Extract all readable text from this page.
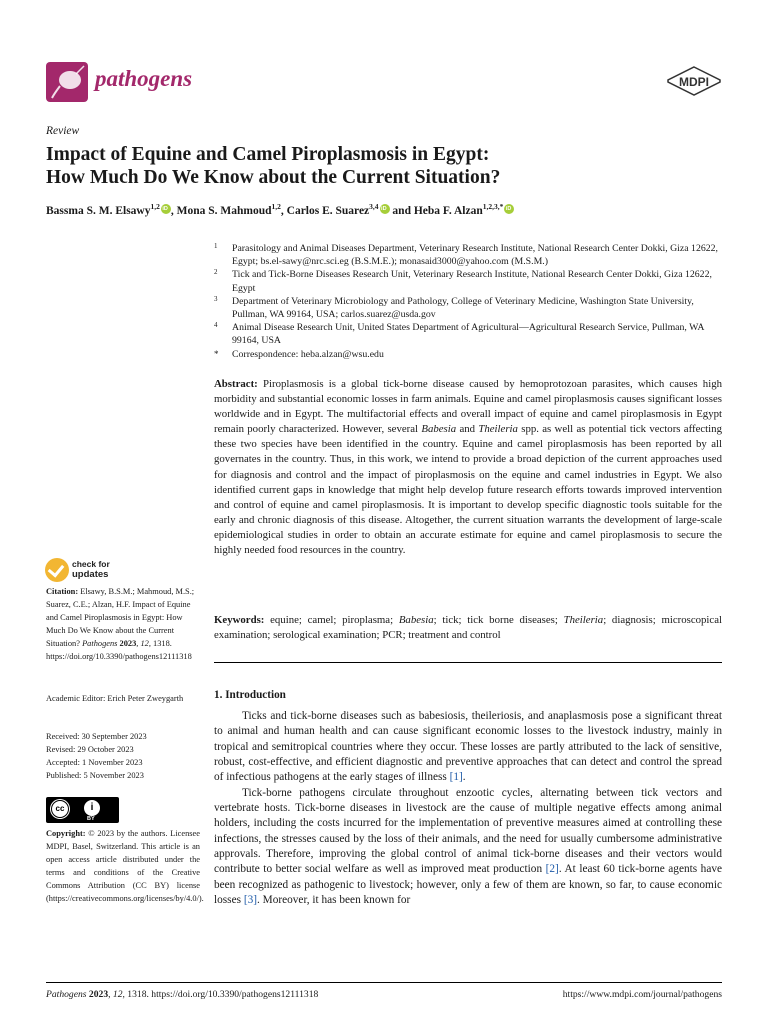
pathogens	MDPI
Review
Impact of Equine and Camel Piroplasmosis in Egypt:
How Much Do We Know about the Current Situation?
Bassma S. M. Elsawy$^{1,2}$iD , Mona S. Mahmoud$^{1,2}$, Carlos E. Suarez$^{3,4}$iD and Heba F. Alzan$^{1,2,3,*}$iD
1 Parasitology and Animal Diseases Department, Veterinary Research Institute, National Research Center Dokki, Giza 12622, Egypt; bs.el-sawy@nrc.sci.eg (B.S.M.E.); monasaid3000@yahoo.com (M.S.M.)
2 Tick and Tick-Borne Diseases Research Unit, Veterinary Research Institute, National Research Center Dokki, Giza 12622, Egypt
3 Department of Veterinary Microbiology and Pathology, College of Veterinary Medicine, Washington State University, Pullman, WA 99164, USA; carlos.suarez@usda.gov
4 Animal Disease Research Unit, United States Department of Agricultural—Agricultural Research Service, Pullman, WA 99164, USA
* Correspondence: heba.alzan@wsu.edu
Abstract: Piroplasmosis is a global tick-borne disease caused by hemoprotozoan parasites, which causes high morbidity and substantial economic losses in farm animals. Equine and camel piroplasmosis causes significant losses worldwide and in Egypt. The multifactorial effects and overall impact of equine and camel piroplasmosis in Egypt remain poorly characterized. However, several Babesia and Theileria spp. as well as potential tick vectors affecting these two species have been identified in the country. Equine and camel piroplasmosis has been reported by all governates in the country. Thus, in this work, we intend to provide a broad depiction of the current approaches used for diagnosis and control and the impact of piroplasmosis on the equine and camel industries in Egypt. We also identified current gaps in knowledge that might help develop future research efforts towards improved intervention and control of equine and camel piroplasmosis. It is important to develop specific diagnostic tools suitable for the early and chronic diagnosis of this disease. Altogether, the current situation warrants the development of large-scale epidemiological studies in order to obtain an accurate estimate for equine and camel piroplasmosis to secure the highly needed food resources in the country.
Keywords: equine; camel; piroplasma; Babesia; tick; tick borne diseases; Theileria; diagnosis; microscopical examination; serological examination; PCR; treatment and control
1. Introduction

Ticks and tick-borne diseases such as babesiosis, theileriosis, and anaplasmosis pose a significant threat to animal and human health and can cause significant economic losses to the livestock industry, mainly in tropical and semitropical countries where they occur. These losses are partly attributed to the lack of sensitive, robust, cost-effective, and efficient diagnostic and preventive approaches that can detect and control the spread of infectious pathogens at the early stages of illness [1].

Tick-borne pathogens circulate throughout enzootic cycles, alternating between tick vectors and vertebrate hosts. Tick-borne diseases in livestock are the cause of multiple negative effects among animal holders, including the costs incurred for the implementation of preventive measures aimed at controlling these infections, the stresses caused by the loss of their animals, and the need for usually cumbersome administrative approvals. Therefore, improving the global control of animal tick-borne diseases and their vectors would contribute to better social welfare as well as improved meat production [2]. At least 60 tick-borne agents have been recognized as pathogenic to livestock; however, only a few of them are known, so far, to cause economic losses [3]. Moreover, it has been known for

check for
updates
Citation: Elsawy, B.S.M.; Mahmoud, M.S.; Suarez, C.E.; Alzan, H.F. Impact of Equine and Camel Piroplasmosis in Egypt: How Much Do We Know about the Current Situation? Pathogens 2023, 12, 1318. https://doi.org/10.3390/pathogens12111318
Academic Editor: Erich Peter Zweygarth
Received: 30 September 2023
Revised: 29 October 2023
Accepted: 1 November 2023
Published: 5 November 2023
cc	i
BY
Copyright: © 2023 by the authors. Licensee MDPI, Basel, Switzerland. This article is an open access article distributed under the terms and conditions of the Creative Commons Attribution (CC BY) license (https://creativecommons.org/licenses/by/4.0/).
Pathogens 2023, 12, 1318. https://doi.org/10.3390/pathogens12111318	https://www.mdpi.com/journal/pathogens
